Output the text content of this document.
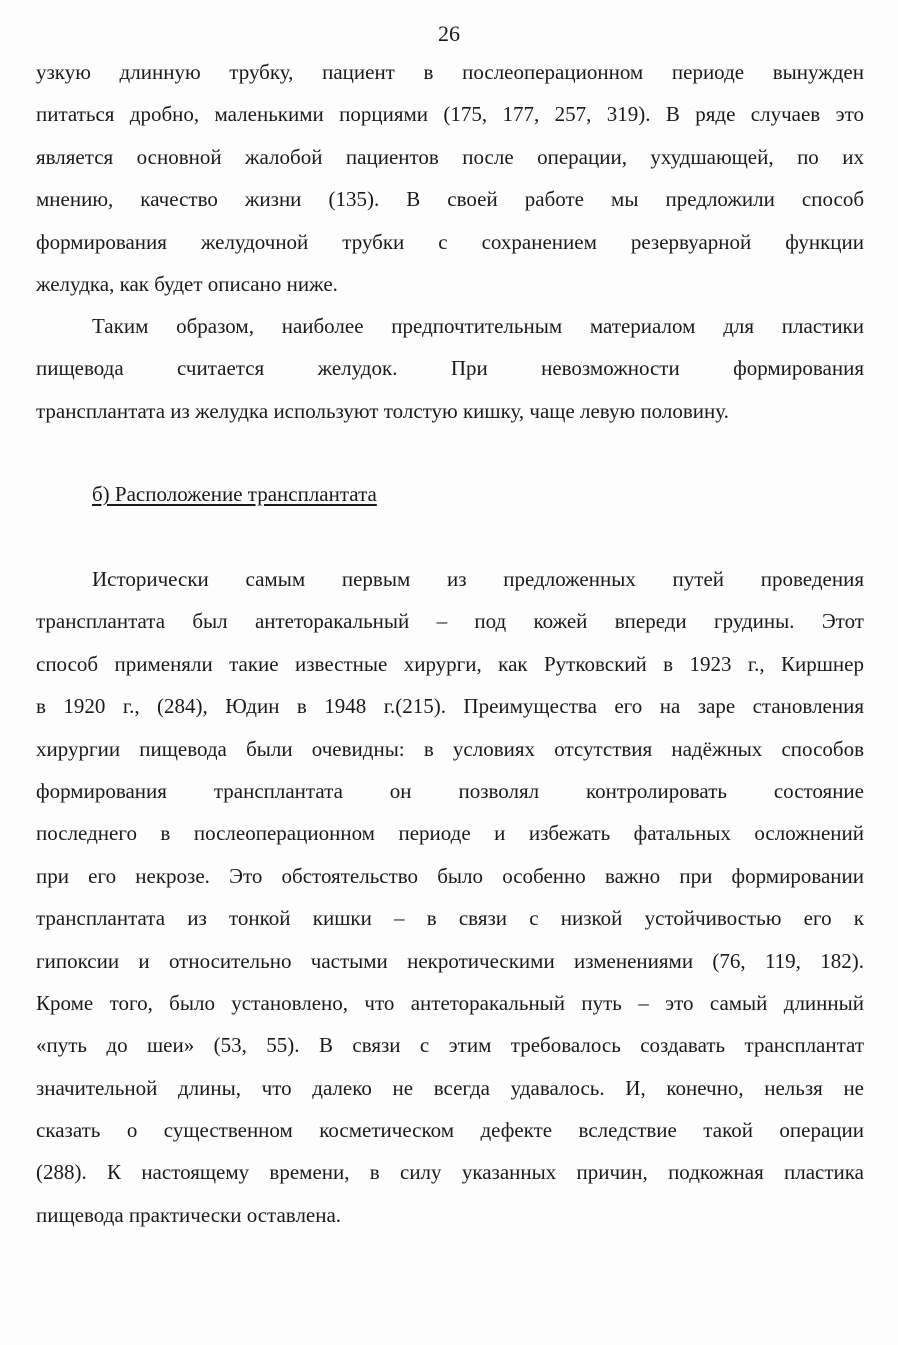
26
узкую длинную трубку, пациент в послеоперационном периоде вынужден
питаться дробно, маленькими порциями (175, 177, 257, 319). В ряде случаев это
является основной жалобой пациентов после операции, ухудшающей, по их
мнению, качество жизни (135). В своей работе мы предложили способ
формирования желудочной трубки с сохранением резервуарной функции
желудка, как будет описано ниже.
Таким образом, наиболее предпочтительным материалом для пластики
пищевода считается желудок. При невозможности формирования
трансплантата из желудка используют толстую кишку, чаще левую половину.
б) Расположение трансплантата
Исторически самым первым из предложенных путей проведения
трансплантата был антеторакальный – под кожей впереди грудины. Этот
способ применяли такие известные хирурги, как Рутковский в 1923 г., Киршнер
в 1920 г., (284), Юдин в 1948 г.(215). Преимущества его на заре становления
хирургии пищевода были очевидны: в условиях отсутствия надёжных способов
формирования трансплантата он позволял контролировать состояние
последнего в послеоперационном периоде и избежать фатальных осложнений
при его некрозе. Это обстоятельство было особенно важно при формировании
трансплантата из тонкой кишки – в связи с низкой устойчивостью его к
гипоксии и относительно частыми некротическими изменениями (76, 119, 182).
Кроме того, было установлено, что антеторакальный путь – это самый длинный
«путь до шеи» (53, 55). В связи с этим требовалось создавать трансплантат
значительной длины, что далеко не всегда удавалось. И, конечно, нельзя не
сказать о существенном косметическом дефекте вследствие такой операции
(288). К настоящему времени, в силу указанных причин, подкожная пластика
пищевода практически оставлена.
